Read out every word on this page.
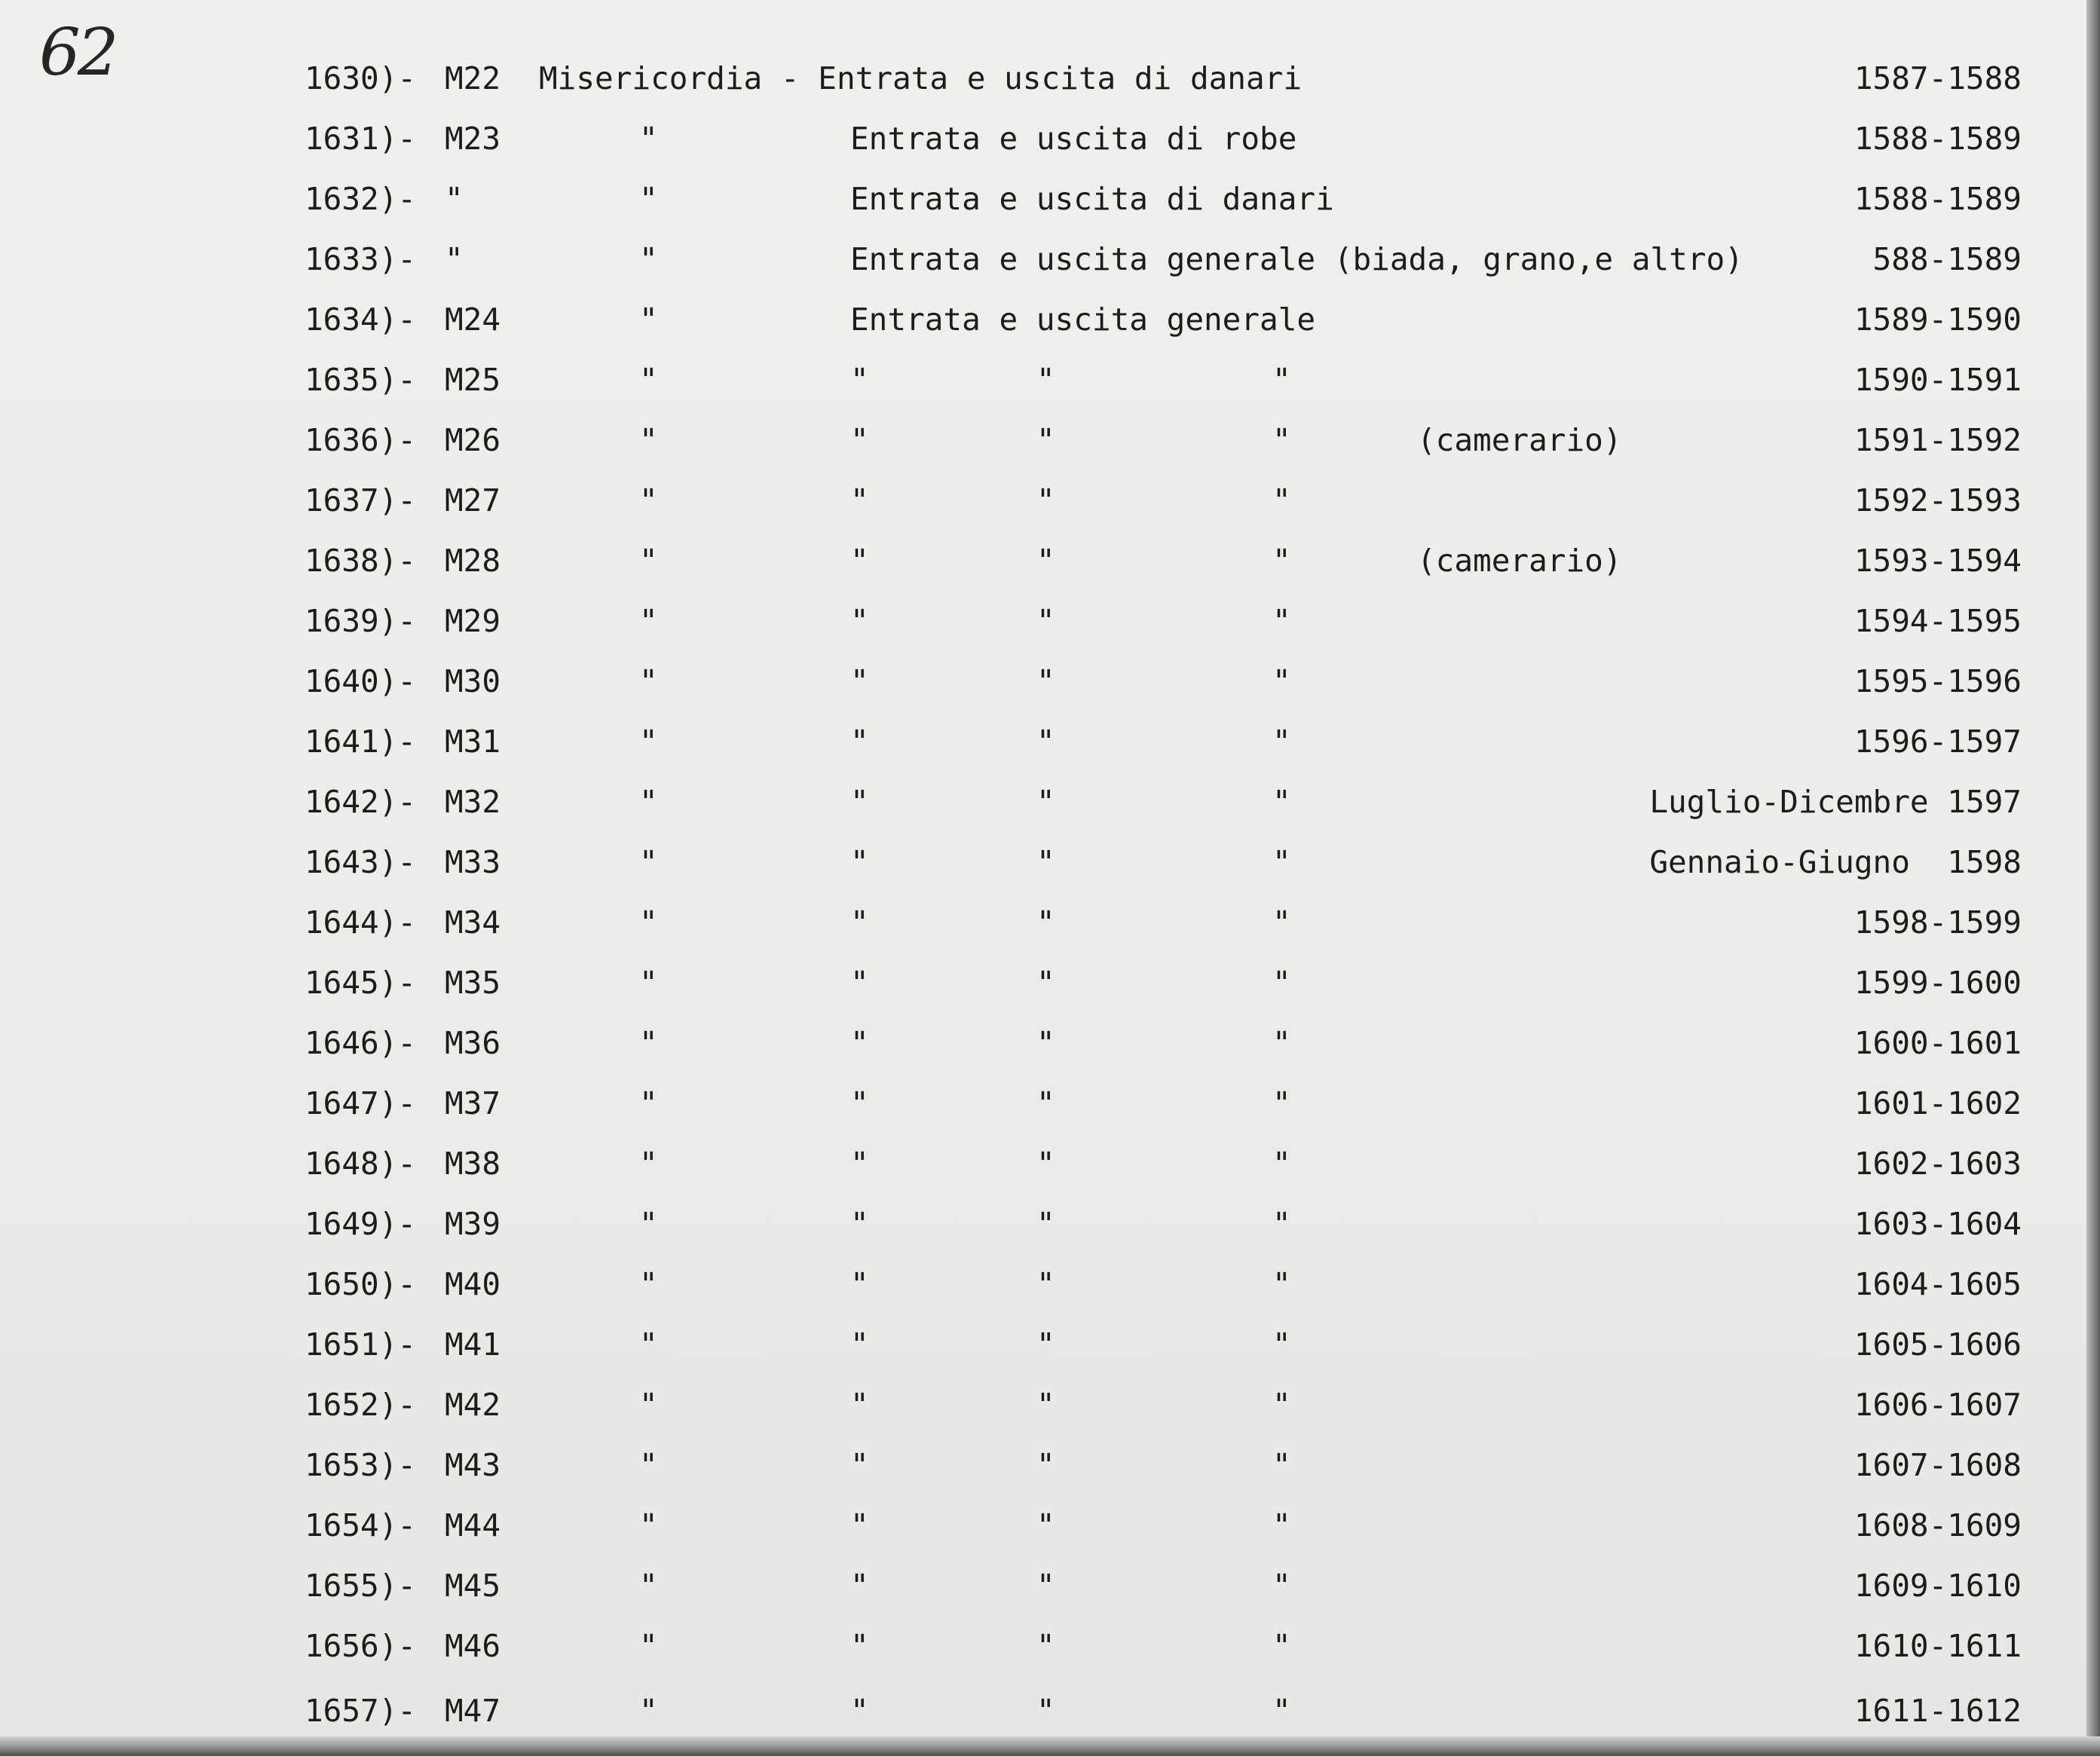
62	1630)- M22 Misericordia - Entrata e uscita di danari	1587-1588
1631)- M23	"	Entrata e uscita di robe	1588-1589
1632)- "	"	Entrata e uscita di danari	1588-1589
1633)- "	"	Entrata e uscita generale (biada, grano,e altro)	588-1589
1634)- M24	"	Entrata e uscita generale	1589-1590
1635)- M25	"	"	"	"	1590-1591
1636)- M26	"	"	"	"	(camerario)	1591-1592
1637)- M27	"	"	"	"	1592-1593
1638)- M28	"	"	"	"	(camerario)	1593-1594
1639)- M29	"	"	"	"	1594-1595
1640)- M30	"	"	"	"	1595-1596
1641)- M31	"	"	"	"	1596-1597
1642)- M32	"	"	"	"	Luglio-Dicembre 1597
1643)- M33	"	"	"	"	Gennaio-Giugno  1598
1644)- M34	"	"	"	"	1598-1599
1645)- M35	"	"	"	"	1599-1600
1646)- M36	"	"	"	"	1600-1601
1647)- M37	"	"	"	"	1601-1602
1648)- M38	"	"	"	"	1602-1603
1649)- M39	"	"	"	"	1603-1604
1650)- M40	"	"	"	"	1604-1605
1651)- M41	"	"	"	"	1605-1606
1652)- M42	"	"	"	"	1606-1607
1653)- M43	"	"	"	"	1607-1608
1654)- M44	"	"	"	"	1608-1609
1655)- M45	"	"	"	"	1609-1610
1656)- M46	"	"	"	"	1610-1611
1657)- M47	"	"	"	"	1611-1612
